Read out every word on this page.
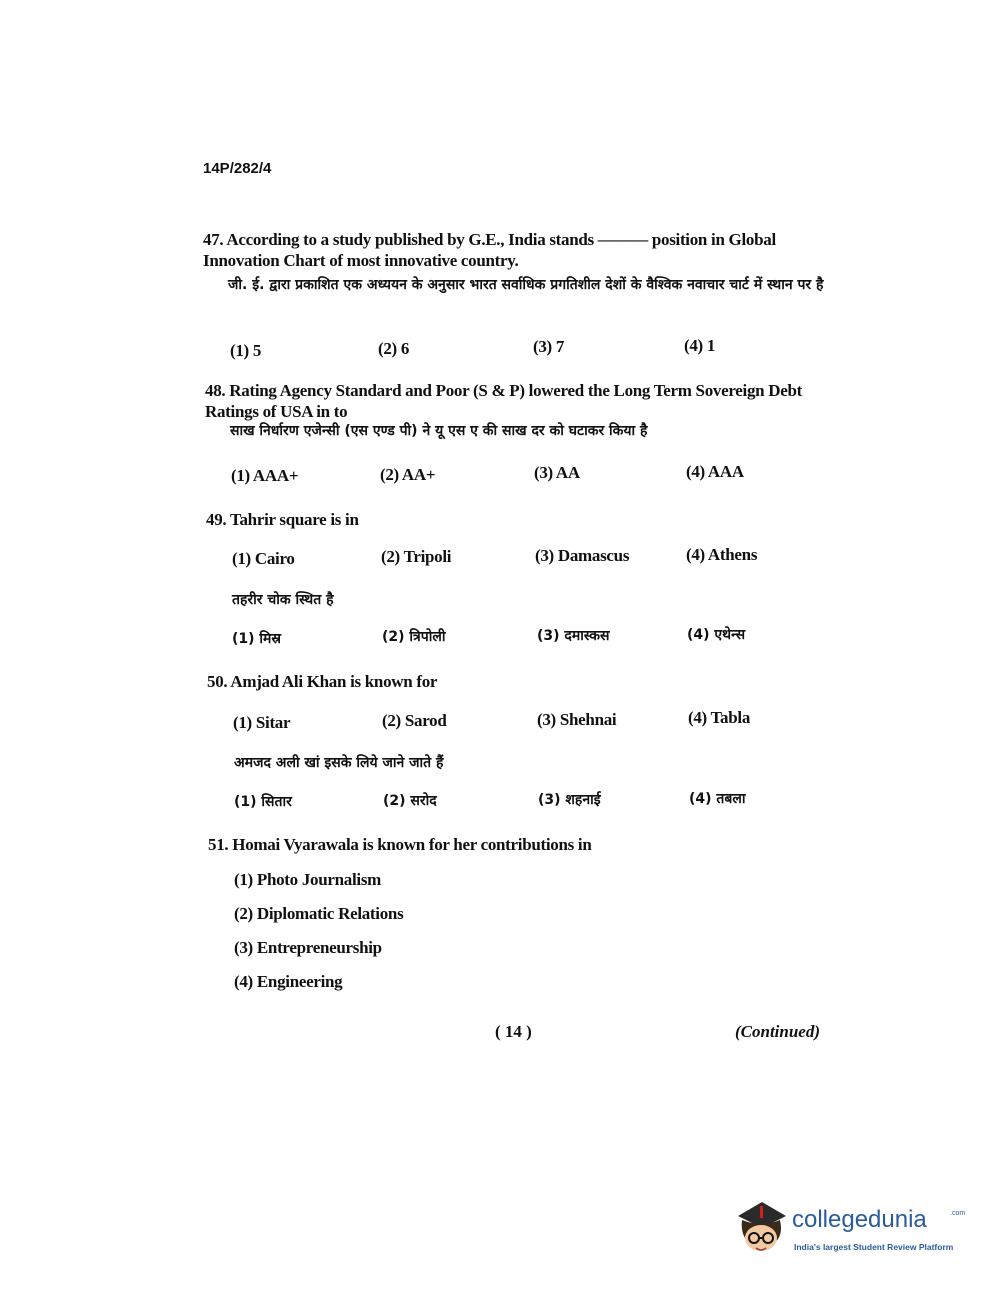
14P/282/4
47. According to a study published by G.E., India stands ——— position in Global Innovation Chart of most innovative country.
जी. ई. द्वारा प्रकाशित एक अध्ययन के अनुसार भारत सर्वाधिक प्रगतिशील देशों के वैश्विक नवाचार चार्ट में स्थान पर है
(1) 5	(2) 6	(3) 7	(4) 1
48. Rating Agency Standard and Poor (S & P) lowered the Long Term Sovereign Debt Ratings of USA in to
साख निर्धारण एजेन्सी (एस एण्ड पी) ने यू एस ए की साख दर को घटाकर किया है
(1) AAA+	(2) AA+	(3) AA	(4) AAA
49. Tahrir square is in
(1) Cairo	(2) Tripoli	(3) Damascus	(4) Athens
तहरीर चोक स्थित है
(1) मिस्र	(2) त्रिपोली	(3) दमास्कस	(4) एथेन्स
50. Amjad Ali Khan is known for
(1) Sitar	(2) Sarod	(3) Shehnai	(4) Tabla
अमजद अली खां इसके लिये जाने जाते हैं
(1) सितार	(2) सरोद	(3) शहनाई	(4) तबला
51. Homai Vyarawala is known for her contributions in
(1) Photo Journalism
(2) Diplomatic Relations
(3) Entrepreneurship
(4) Engineering
( 14 )	(Continued)
collegedunia	.com
India's largest Student Review Platform
